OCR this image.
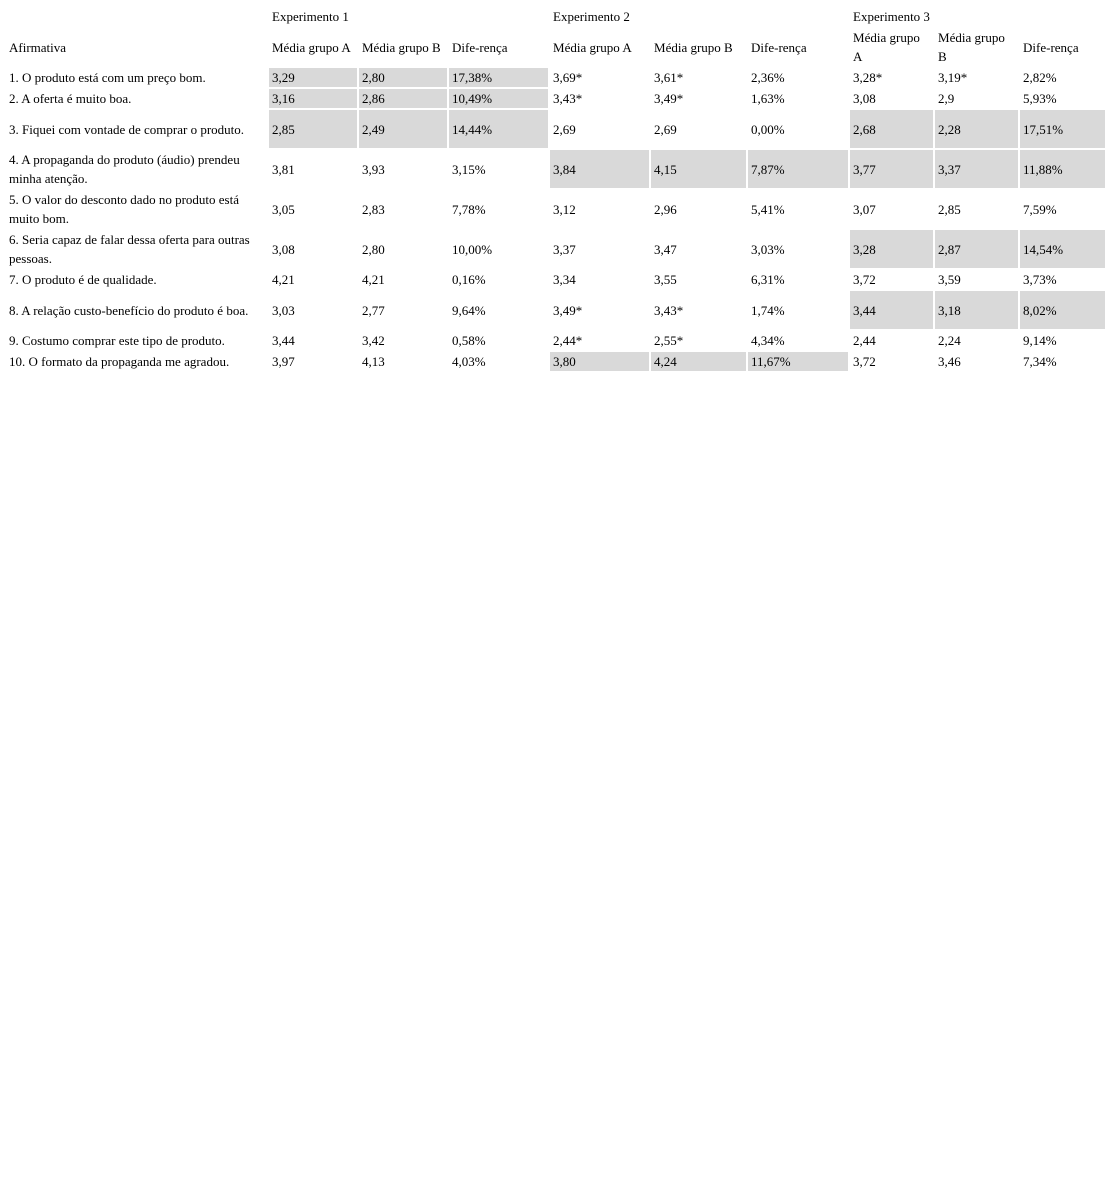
	Experimento 1			Experimento 2			Experimento 3		
Afirmativa	Média grupo A	Média grupo B	Dife-rença	Média grupo A	Média grupo B	Dife-rença	Média grupo A	Média grupo B	Dife-rença
1. O produto está com um preço bom.	3,29	2,80	17,38%	3,69*	3,61*	2,36%	3,28*	3,19*	2,82%
2. A oferta é muito boa.	3,16	2,86	10,49%	3,43*	3,49*	1,63%	3,08	2,9	5,93%
3. Fiquei com vontade de comprar o produto.	2,85	2,49	14,44%	2,69	2,69	0,00%	2,68	2,28	17,51%
4. A propaganda do produto (áudio) prendeu minha atenção.	3,81	3,93	3,15%	3,84	4,15	7,87%	3,77	3,37	11,88%
5. O valor do desconto dado no produto está muito bom.	3,05	2,83	7,78%	3,12	2,96	5,41%	3,07	2,85	7,59%
6. Seria capaz de falar dessa oferta para outras pessoas.	3,08	2,80	10,00%	3,37	3,47	3,03%	3,28	2,87	14,54%
7. O produto é de qualidade.	4,21	4,21	0,16%	3,34	3,55	6,31%	3,72	3,59	3,73%
8. A relação custo-benefício do produto é boa.	3,03	2,77	9,64%	3,49*	3,43*	1,74%	3,44	3,18	8,02%
9. Costumo comprar este tipo de produto.	3,44	3,42	0,58%	2,44*	2,55*	4,34%	2,44	2,24	9,14%
10. O formato da propaganda me agradou.	3,97	4,13	4,03%	3,80	4,24	11,67%	3,72	3,46	7,34%
